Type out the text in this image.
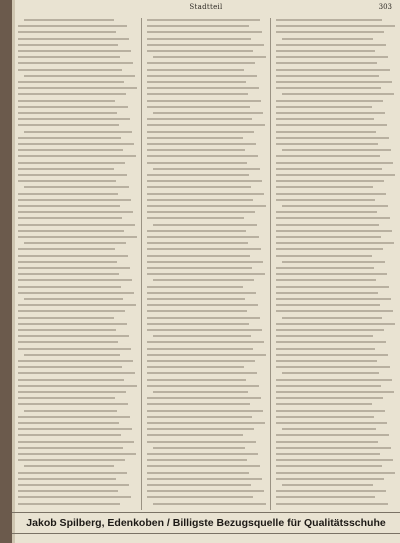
Stadtteil	303
Jakob Spilberg, Edenkoben / Billigste Bezugsquelle für Qualitätsschuhe
